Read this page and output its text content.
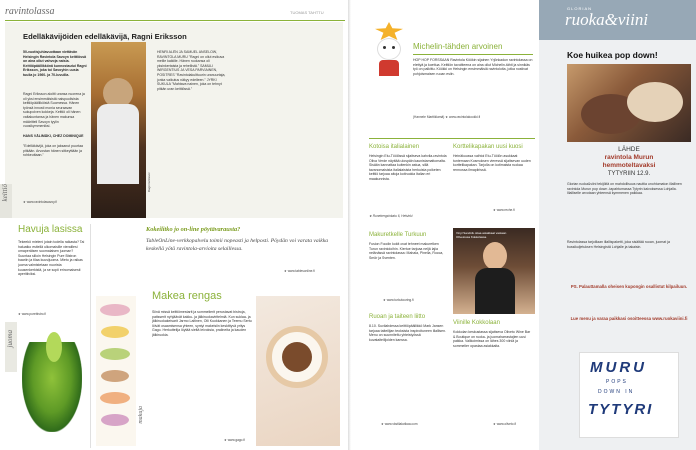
ravintolassa	TUOMAS TAHTTU
Edelläkävijöiden edelläkävijä, Ragni Eriksson
50-vuotisjuhlavuottaan viettävän Helsingin Ravintola Savoyn keittiössä on aina ollut vahvoja naisia. Keittiöpäällikkönä kunnostautui Ragni Eriksson, joka toi Savoyhin uusia tuulia jo 1960- ja 70-luvuilla.
Ragni Eriksson aloitti uransa nuorena ja oli yksi ensimmäisistä naispuolisista keittiöpäälliköistä Suomessa. Hänen työnsä innosti monia seuraavan sukupolven kokkeja. Keittiö oli hänen valtakuntansa ja hänen makunsa määritteli Savoyn tyylin vuosikymmeniksi.
HANS VÄLIMÄKI, CHEZ DOMINIQUE
"Edelläkävijä, joka on jaksanut puurtaa pitkään. Arvostan hänen sitkeyttään ja rohkeuttaan."
★ www.ravintolasavoy.fi
Ragni Eriksson
HENRI ALÉN JA SAMUEL ANSELOW, RAVINTOLA MURU "Ragni on ollut esikuva meille kaikille. Hänen ruokansa oli yksinkertaista ja rehellistä." SAMULI WIRGENTIUS JA VESA PARVIAINEN, POSITRES "Ravintolakulttuurin uranuurtaja, jonka vaikutus näkyy edelleen." JYRKI SUKULA "Mahtava nainen, joka on tehnyt pitkän uran keittiössä."
keittiö
Havuja lasissa
Tekeekö mieleni jotain todella raikasta? Tai haluatko esitellä ulkomaisille vieraillesi omaperäisen suomalaisen juoman? Suuntaa silloin Helsingin Pure Bistron baariin ja tilaa kuusijuoma. Mieto ja raikas juoma valmistetaan nuorista kuusenkerkistä, ja se sopii erinomaisesti aperitiiviksi.
★ www.purebistro.fi
juoma
Kokeilitko jo on-line pöytävarausta?
TableOnLine-verkkopalvelu toimii nopeasti ja helposti. Pöydän voi varata vaikka keskellä yötä ravintola-arvioita selaillessa.
★ www.tablesonline.fi
makuja
Makea rengas
Siinä missä keittiömestarit ja sommelierit perustavat bistroja, patisserit nyhjäävät kakku- ja jälkiruokaviritelmiä. Kun suklaa- ja jälkiruokakeisarit Jarmo Laitinen, Olli Kuokkanen ja Teemu Sertu löivät osaamisensa yhteen, syntyi makeisiin keskittyvä yritys Gago. Herkuttelija löytää sieltä leivoksia, pralineita ja kauden jälkiruokia.
★ www.gago.fi
Michelin-tähden arvoinen
HOP HOP FORSSAAN Ravintola Köökin sijainen Yrjönkadun ravintolassa on elettyä ja koettua. Keittiön tavoitteena on aina ollut Michelin-tähti ja sinnikäs työ on palkittu. Köökki on Helsingin ensimmäisiä ravintoloita, jotka nostivat pohjoismaisen ruoan esiin.
(Hannele Marttiklamä) ★ www.ravintolakookki.fi
Kotoisa italialainen
Helsingin Etu-Töölössä sijaitseva kahvila-ravintola Oliva Verde näyttää ulospäin kaunistamattomalta. Sisään kannattaa kuitenkin astua, sillä tavanomaisista italialaisista herkuista poiketen keittiö tarjoaa aitoja kotiruokia Italian eri maakunnista.
★ Runebergsinkatu 6, Helsinki
Korttelikapakan uusi kuosi
Heinäkuussa vaihtoi Etu-Töölön asukkaat tuntemaan Kosmoksen vieressä sijaitsevan uuden korttelikapakan. Tarjolla on kotimaista ruokaa rennossa ilmapiirissä.
★ www.reche.fi
Makuretkelle Turkuun
Fusion Foodin kokit ovat tehneet makuretken Turun ravintoloihin. Kiertue tarjoaa neljä lajia nelänässä ravintolassa: Mahala, Pinella, Rocca, Smör ja Sventen.
★ www.turkutouring.fi
Vinyl Sandvik ottaa asiakkaat vastaan Olivetossa Kokkolassa.
Ruoan ja taiteen liitto
8.10. Suvilahdessa keittiöpäällikkö Mark Jansen tarjoaa taiteilijan teoksista inspiroituneen illallisen. Menu on suunniteltu yhteistyössä kuvataiteilijoiden kanssa.
★ www.vkstilakotkaa.com
Viinille Kokkolaan
Kokkolan keskustassa sijaitseva Oliveto Wine Bar & Boutique on ruoka- ja juomaharrastajien uusi paikka. Valikoimissa on lähes 300 viiniä ja sommelier opastaa asiakkaita.
★ www.oliveto.fi
GLORIAN
ruoka&viini
Koe huikea pop down!
LÄHDE
ravintola Murun
hemmoteltavaksi
TYTYRIIN 12.9.
Glorian ruoka&viini tekijöitä on mahdollisuus nauttia unohtumaton illallinen ravintola Murun pop down -tapahtumassa Tytyrin kaivoksessa Lohjalla. Illalliselle arvotaan yhteensä kymmenen paikkaa.
Ravintolassa tarjoillaan illallispaketti, joka sisältää ruoan, juomat ja bussikuljetuksen Helsingistä Lohjalle ja takaisin.
PS. Palauttamalla oheisen kupongin osallistut kilpailuun.
Lue menu ja varaa paikkasi osoitteessa www.ruokaviini.fi
MURU
POPS
DOWN IN
TYTYRI
